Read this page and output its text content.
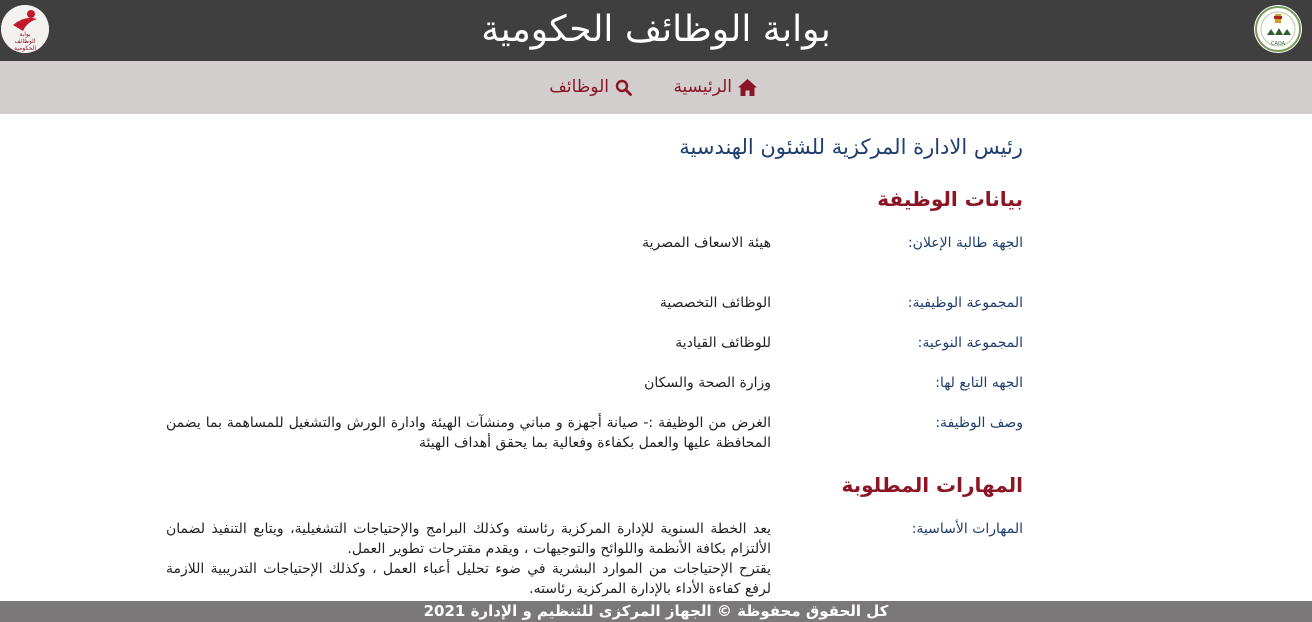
CAOA
بوابة الوظائف الحكومية
بوابة
الوظائف
الحكومية
الرئيسية
الوظائف
رئيس الادارة المركزية للشئون الهندسية
بيانات الوظيفة
الجهة طالبة الإعلان:
هيئة الاسعاف المصرية
المجموعة الوظيفية:
الوظائف التخصصية
المجموعة النوعية:
للوظائف القيادية
الجهه التابع لها:
وزارة الصحة والسكان
وصف الوظيفة:
الغرض من الوظيفة :- صيانة أجهزة و مباني ومنشآت الهيئة وادارة الورش والتشغيل للمساهمة بما يضمن المحافظة عليها والعمل بكفاءة وفعالية بما يحقق أهداف الهيئة
المهارات المطلوبة
المهارات الأساسية:

يعد الخطة السنوية للإدارة المركزية رئاسته وكذلك البرامج والإحتياجات التشغيلية، ويتابع التنفيذ لضمان الألتزام بكافة الأنظمة واللوائح والتوجيهات ، ويقدم مقترحات تطوير العمل.

يقترح الإحتياجات من الموارد البشرية في ضوء تحليل أعباء العمل ، وكذلك الإحتياجات التدريبية اللازمة لرفع كفاءة الأداء بالإدارة المركزية رئاسته.

كل الحقوق محفوظة © الجهاز المركزى للتنظيم و الإدارة 2021
